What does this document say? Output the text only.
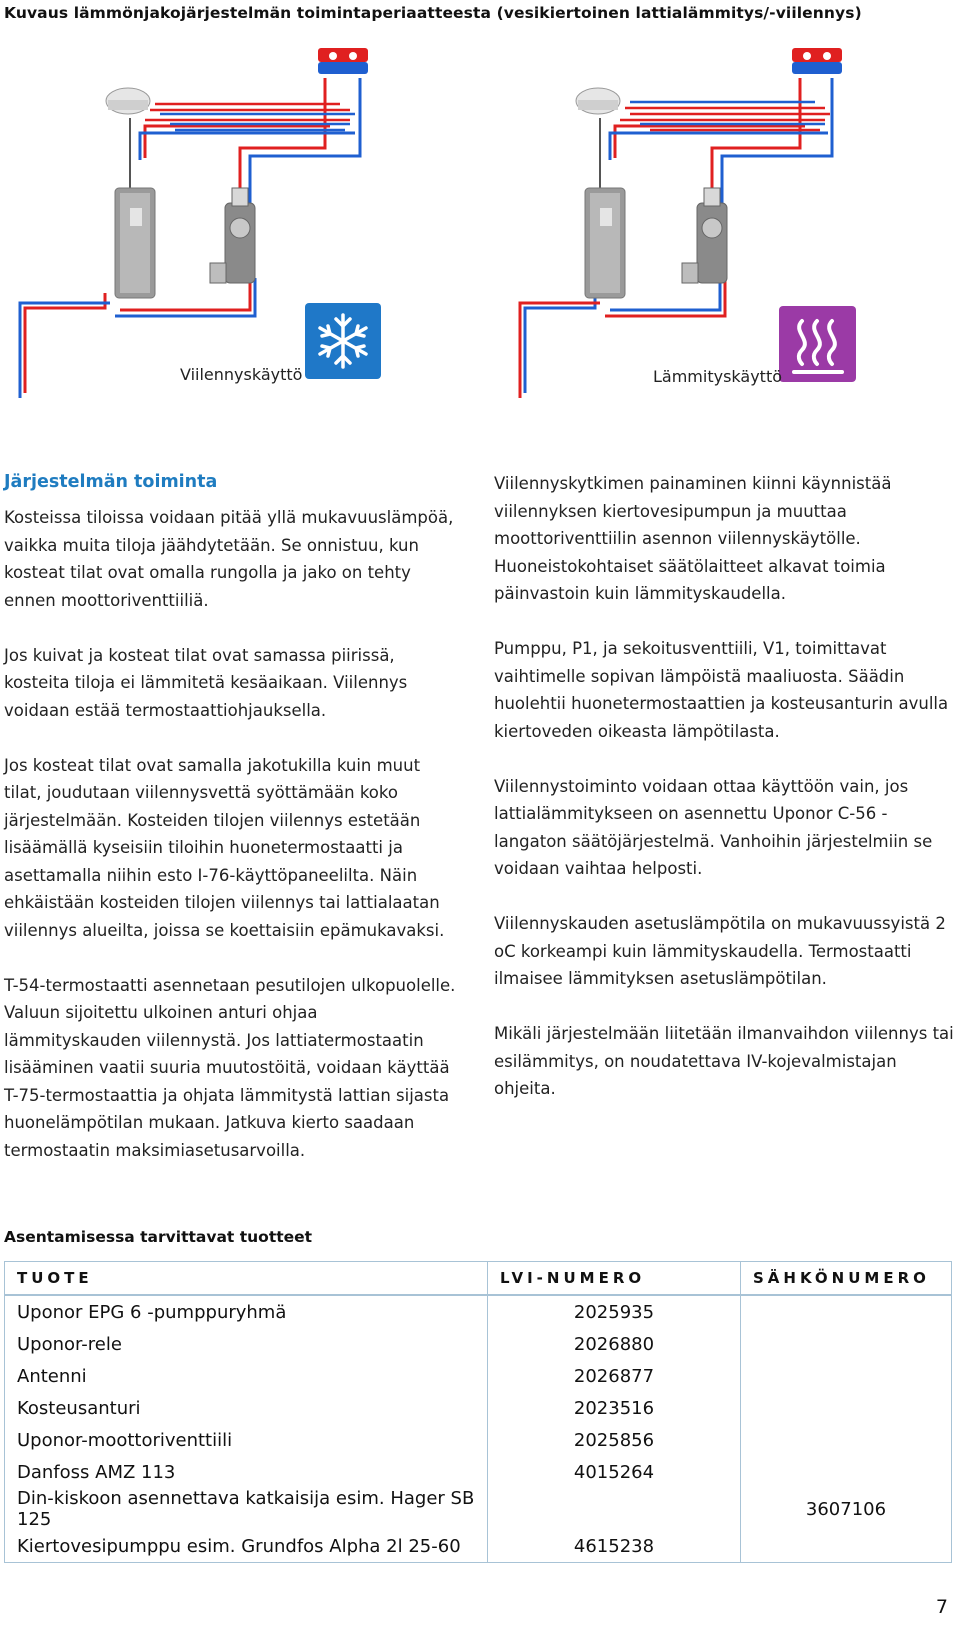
Kuvaus lämmönjakojärjestelmän toimintaperiaatteesta (vesikiertoinen lattialämmitys/-viilennys)
Viilennyskäyttö	Lämmityskäyttö
Järjestelmän toiminta

Kosteissa tiloissa voidaan pitää yllä mukavuuslämpöä, vaikka muita tiloja jäähdytetään. Se onnistuu, kun kosteat tilat ovat omalla rungolla ja jako on tehty ennen moottoriventtiiliä.

Jos kuivat ja kosteat tilat ovat samassa piirissä, kosteita tiloja ei lämmitetä kesäaikaan. Viilennys voidaan estää termostaattiohjauksella.

Jos kosteat tilat ovat samalla jakotukilla kuin muut tilat, joudutaan viilennysvettä syöttämään koko järjestelmään. Kosteiden tilojen viilennys estetään lisäämällä kyseisiin tiloihin huonetermostaatti ja asettamalla niihin esto I-76-käyttöpaneelilta. Näin ehkäistään kosteiden tilojen viilennys tai lattialaatan viilennys alueilta, joissa se koettaisiin epämukavaksi.

T-54-termostaatti asennetaan pesutilojen ulkopuolelle. Valuun sijoitettu ulkoinen anturi ohjaa lämmityskauden viilennystä. Jos lattiatermostaatin lisääminen vaatii suuria muutostöitä, voidaan käyttää T-75-termostaattia ja ohjata lämmitystä lattian sijasta huonelämpötilan mukaan. Jatkuva kierto saadaan termostaatin maksimiasetusarvoilla.

Viilennyskytkimen painaminen kiinni käynnistää viilennyksen kiertovesipumpun ja muuttaa moottoriventtiilin asennon viilennyskäytölle. Huoneistokohtaiset säätölaitteet alkavat toimia päinvastoin kuin lämmityskaudella.

Pumppu, P1, ja sekoitusventtiili, V1, toimittavat vaihtimelle sopivan lämpöistä maaliuosta. Säädin huolehtii huonetermostaattien ja kosteusanturin avulla kiertoveden oikeasta lämpötilasta.

Viilennystoiminto voidaan ottaa käyttöön vain, jos lattialämmitykseen on asennettu Uponor C-56 -langaton säätöjärjestelmä. Vanhoihin järjestelmiin se voidaan vaihtaa helposti.

Viilennyskauden asetuslämpötila on mukavuussyistä 2 oC korkeampi kuin lämmityskaudella. Termostaatti ilmaisee lämmityksen asetuslämpötilan.

Mikäli järjestelmään liitetään ilmanvaihdon viilennys tai esilämmitys, on noudatettava IV-kojevalmistajan ohjeita.

Asentamisessa tarvittavat tuotteet
TUOTE	LVI-NUMERO	SÄHKÖNUMERO
Uponor EPG 6 -pumppuryhmä	2025935	
Uponor-rele	2026880	
Antenni	2026877	
Kosteusanturi	2023516	
Uponor-moottoriventtiili	2025856	
Danfoss AMZ 113	4015264	
Din-kiskoon asennettava katkaisija esim. Hager SB 125		3607106
Kiertovesipumppu esim. Grundfos Alpha 2l 25-60	4615238	
7
